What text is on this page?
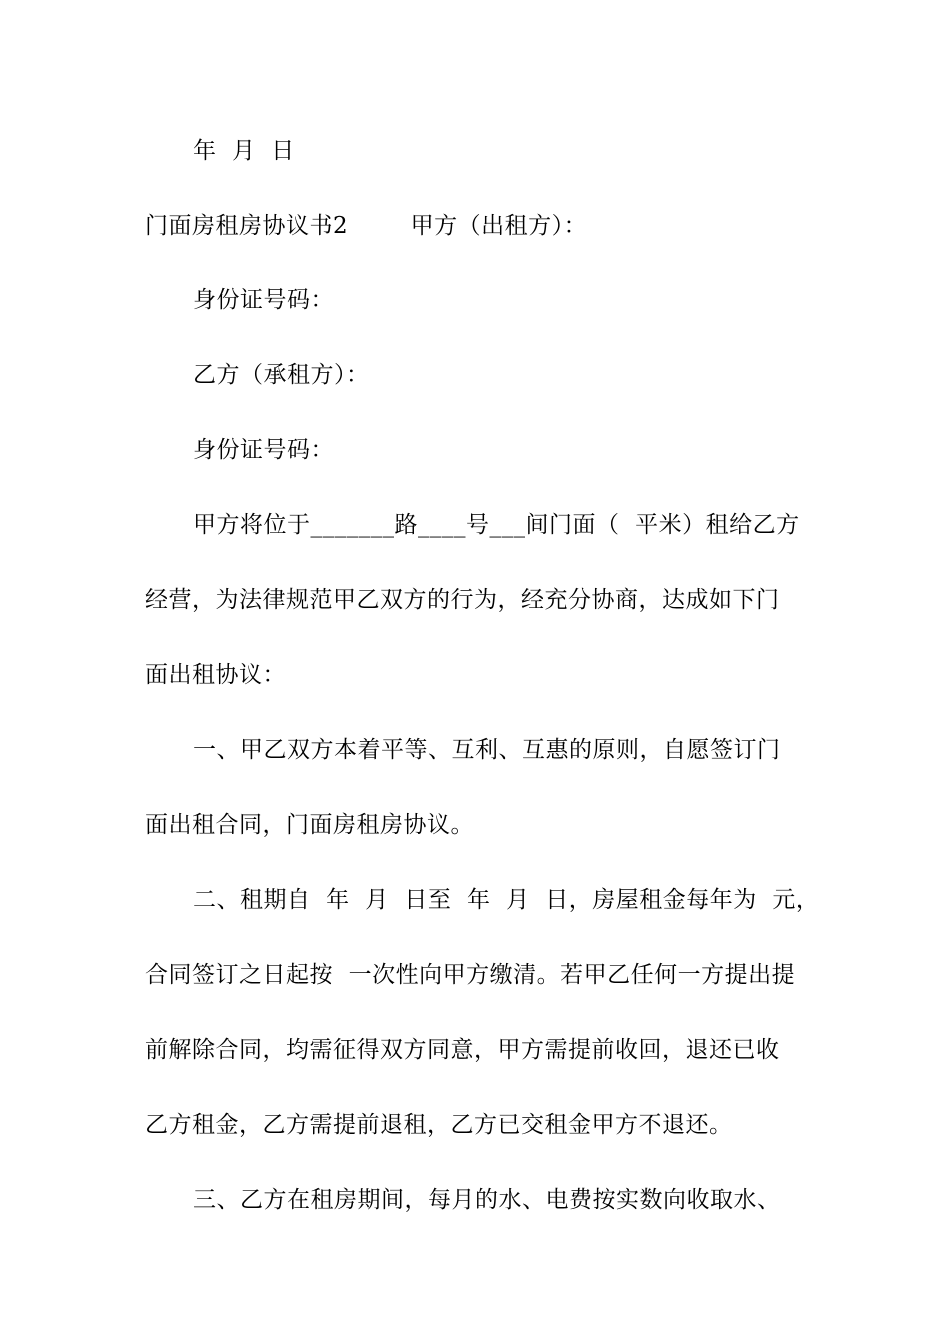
年  月  日
门面房租房协议书2        甲方（出租方）：
身份证号码：
乙方（承租方）：
身份证号码：
甲方将位于_______路____号___间门面（  平米）租给乙方
经营，为法律规范甲乙双方的行为，经充分协商，达成如下门
面出租协议：
一、甲乙双方本着平等、互利、互惠的原则，自愿签订门
面出租合同，门面房租房协议。
二、租期自  年  月  日至  年  月  日，房屋租金每年为  元，
合同签订之日起按  一次性向甲方缴清。若甲乙任何一方提出提
前解除合同，均需征得双方同意，甲方需提前收回，退还已收
乙方租金，乙方需提前退租，乙方已交租金甲方不退还。
三、乙方在租房期间，每月的水、电费按实数向收取水、
